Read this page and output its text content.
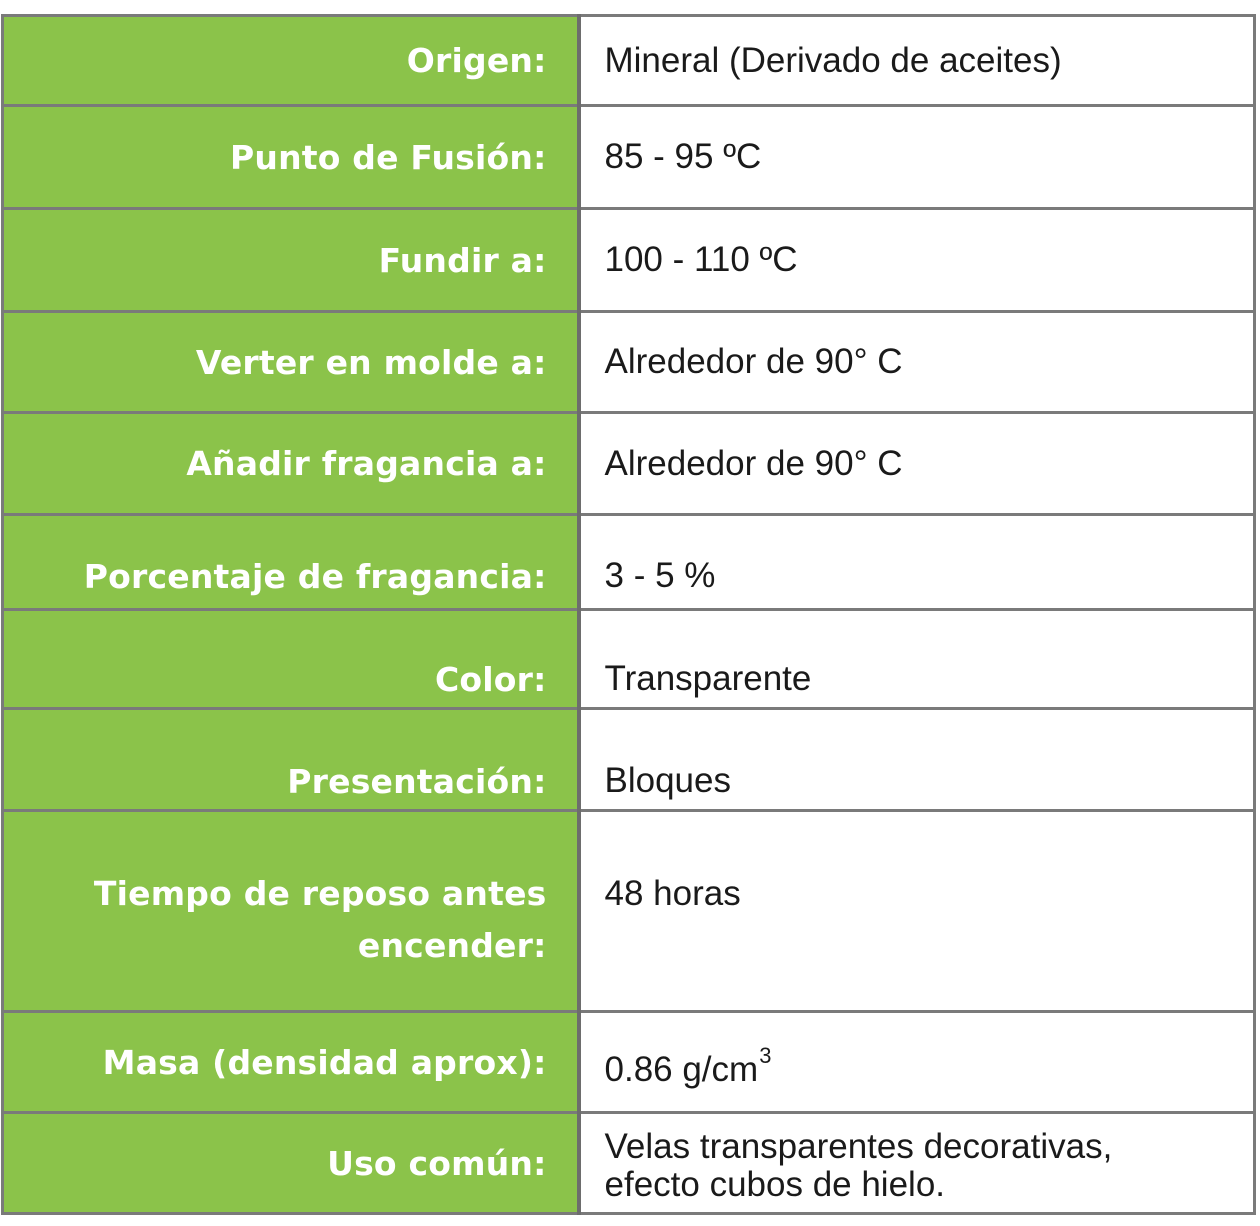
Origen:	Mineral (Derivado de aceites)
Punto de Fusión:	85 - 95 ºC
Fundir a:	100 - 110 ºC
Verter en molde a:	Alrededor de 90° C
Añadir fragancia a:	Alrededor de 90° C
Porcentaje de fragancia:	3 - 5 %
Color:	Transparente
Presentación:	Bloques

Tiempo de reposo antes
encender:	48 horas

Masa (densidad aprox):	0.86 $g/cm^3$
Uso común:	Velas transparentes decorativas,
efecto cubos de hielo.
